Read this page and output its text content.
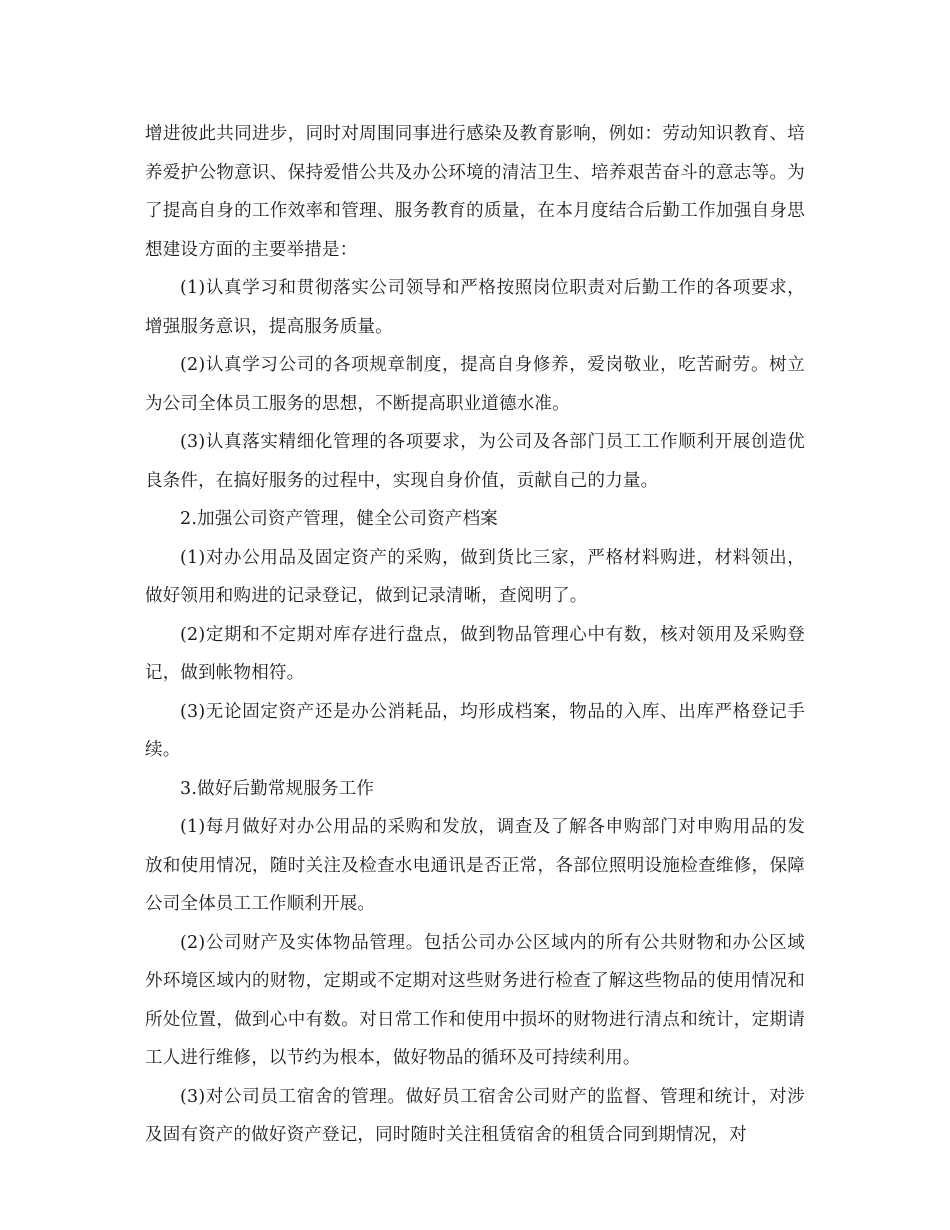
增进彼此共同进步，同时对周围同事进行感染及教育影响，例如：劳动知识教育、培养爱护公物意识、保持爱惜公共及办公环境的清洁卫生、培养艰苦奋斗的意志等。为了提高自身的工作效率和管理、服务教育的质量，在本月度结合后勤工作加强自身思想建设方面的主要举措是：

(1)认真学习和贯彻落实公司领导和严格按照岗位职责对后勤工作的各项要求，增强服务意识，提高服务质量。

(2)认真学习公司的各项规章制度，提高自身修养，爱岗敬业，吃苦耐劳。树立为公司全体员工服务的思想，不断提高职业道德水准。

(3)认真落实精细化管理的各项要求，为公司及各部门员工工作顺利开展创造优良条件，在搞好服务的过程中，实现自身价值，贡献自己的力量。

2.加强公司资产管理，健全公司资产档案

(1)对办公用品及固定资产的采购，做到货比三家，严格材料购进，材料领出，做好领用和购进的记录登记，做到记录清晰，查阅明了。

(2)定期和不定期对库存进行盘点，做到物品管理心中有数，核对领用及采购登记，做到帐物相符。

(3)无论固定资产还是办公消耗品，均形成档案，物品的入库、出库严格登记手续。

3.做好后勤常规服务工作

(1)每月做好对办公用品的采购和发放，调查及了解各申购部门对申购用品的发放和使用情况，随时关注及检查水电通讯是否正常，各部位照明设施检查维修，保障公司全体员工工作顺利开展。

(2)公司财产及实体物品管理。包括公司办公区域内的所有公共财物和办公区域外环境区域内的财物，定期或不定期对这些财务进行检查了解这些物品的使用情况和所处位置，做到心中有数。对日常工作和使用中损坏的财物进行清点和统计，定期请工人进行维修，以节约为根本，做好物品的循环及可持续利用。

(3)对公司员工宿舍的管理。做好员工宿舍公司财产的监督、管理和统计，对涉及固有资产的做好资产登记，同时随时关注租赁宿舍的租赁合同到期情况，对
